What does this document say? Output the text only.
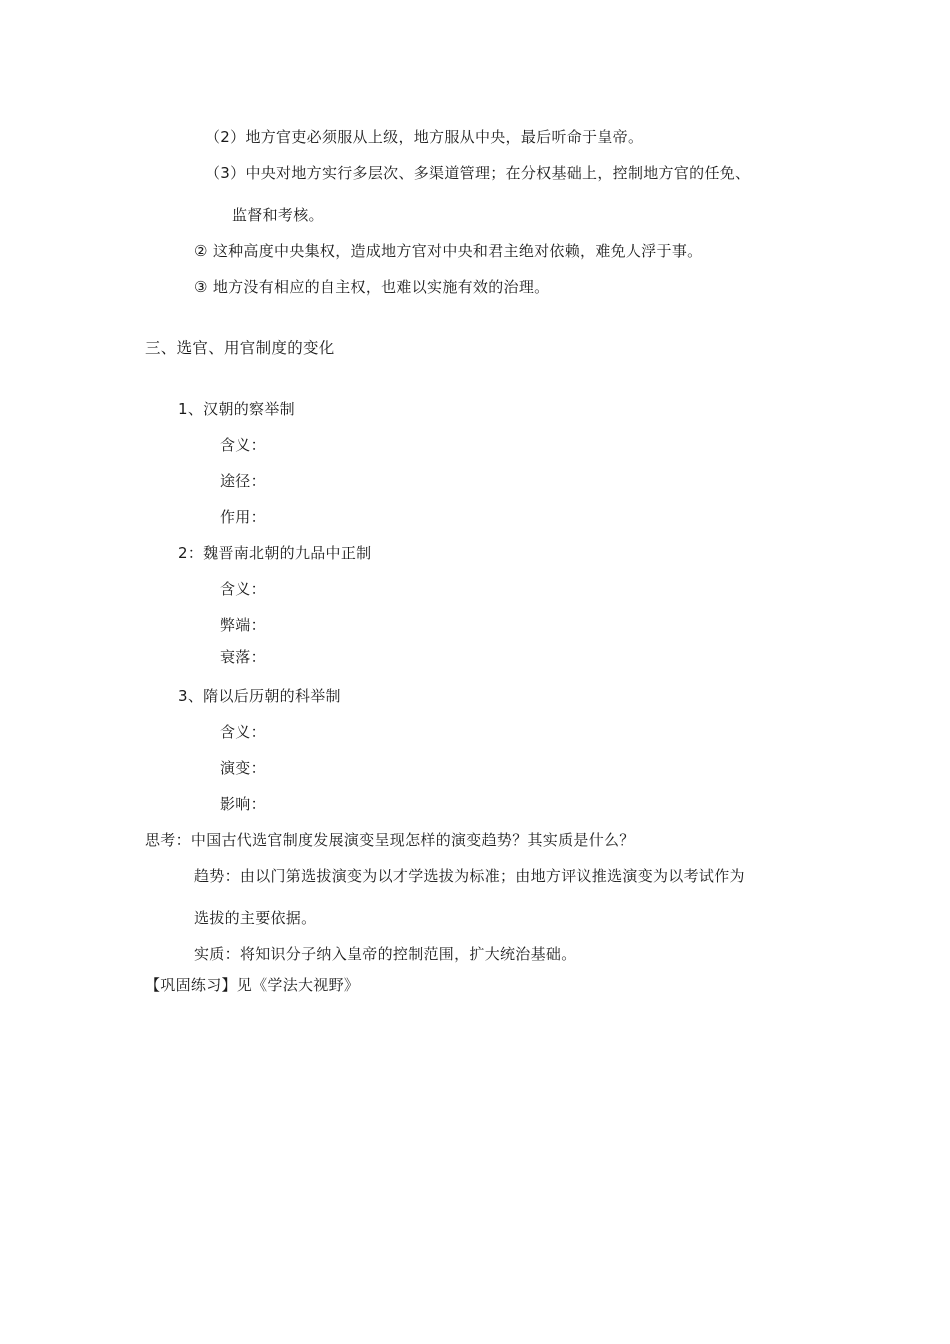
（2）地方官吏必须服从上级，地方服从中央，最后听命于皇帝。
（3）中央对地方实行多层次、多渠道管理；在分权基础上，控制地方官的任免、
监督和考核。
② 这种高度中央集权，造成地方官对中央和君主绝对依赖，难免人浮于事。
③ 地方没有相应的自主权，也难以实施有效的治理。
三、选官、用官制度的变化
1、汉朝的察举制
含义：
途径：
作用：
2：魏晋南北朝的九品中正制
含义：
弊端：
衰落：
3、隋以后历朝的科举制
含义：
演变：
影响：
思考：中国古代选官制度发展演变呈现怎样的演变趋势？其实质是什么？
趋势：由以门第选拔演变为以才学选拔为标准；由地方评议推选演变为以考试作为
选拔的主要依据。
实质：将知识分子纳入皇帝的控制范围，扩大统治基础。
【巩固练习】见《学法大视野》
